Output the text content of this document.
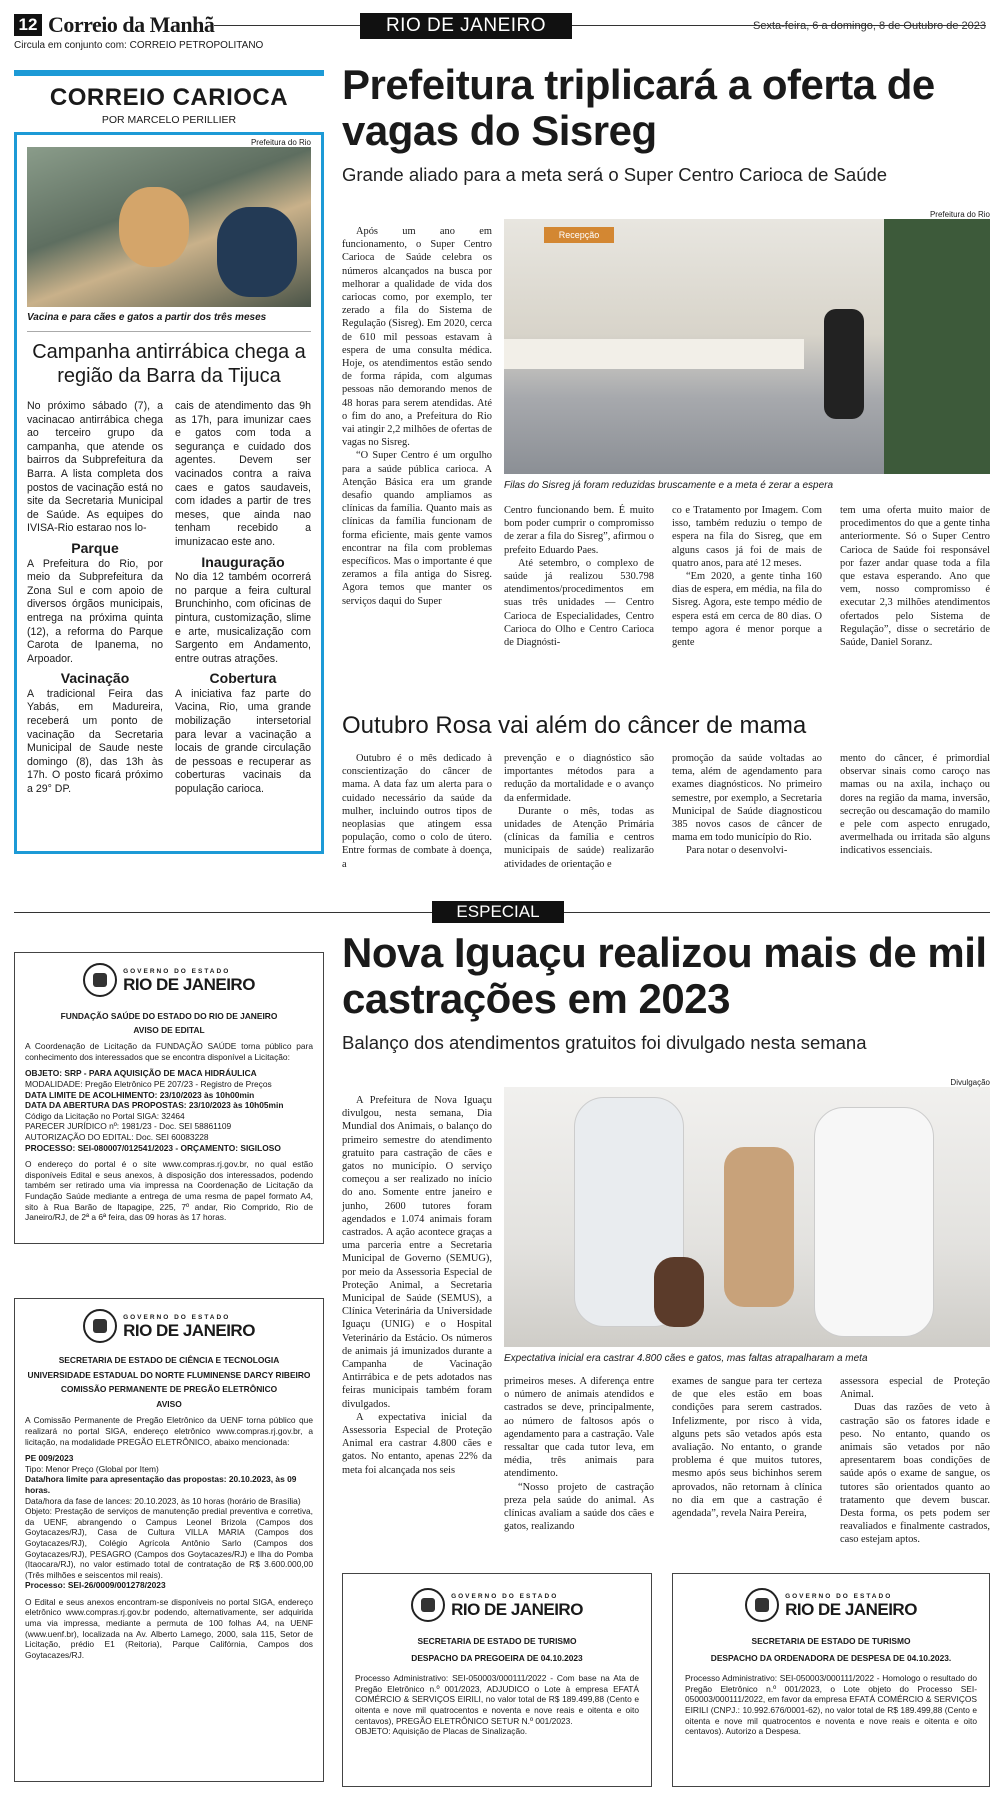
12 Correio da Manhã
Circula em conjunto com: CORREIO PETROPOLITANO
RIO DE JANEIRO	Sexta-feira, 6 a domingo, 8 de Outubro de 2023
CORREIO CARIOCA
POR MARCELO PERILLIER
Prefeitura do Rio
Vacina e para cães e gatos a partir dos três meses
Campanha antirrábica chega a região da Barra da Tijuca
No próximo sábado (7), a vacinacao antirrábica chega ao terceiro grupo da campanha, que atende os bairros da Subprefeitura da Barra. A lista completa dos postos de vacinação está no site da Secretaria Municipal de Saúde. As equipes do IVISA-Rio estarao nos lo-
Parque
A Prefeitura do Rio, por meio da Subprefeitura da Zona Sul e com apoio de diversos órgãos municipais, entrega na próxima quinta (12), a reforma do Parque Carota de Ipanema, no Arpoador.
Vacinação
A tradicional Feira das Yabás, em Madureira, receberá um ponto de vacinação da Secretaria Municipal de Saude neste domingo (8), das 13h às 17h. O posto ficará próximo a 29° DP.
cais de atendimento das 9h as 17h, para imunizar caes e gatos com toda a segurança e cuidado dos agentes. Devem ser vacinados contra a raiva caes e gatos saudaveis, com idades a partir de tres meses, que ainda nao tenham recebido a imunizacao este ano.
Inauguração
No dia 12 também ocorrerá no parque a feira cultural Brunchinho, com oficinas de pintura, customização, slime e arte, musicalização com Sargento em Andamento, entre outras atrações.
Cobertura
A iniciativa faz parte do Vacina, Rio, uma grande mobilização intersetorial para levar a vacinação a locais de grande circulação de pessoas e recuperar as coberturas vacinais da população carioca.
Prefeitura triplicará a oferta de vagas do Sisreg
Grande aliado para a meta será o Super Centro Carioca de Saúde

Após um ano em funcionamento, o Super Centro Carioca de Saúde celebra os números alcançados na busca por melhorar a qualidade de vida dos cariocas como, por exemplo, ter zerado a fila do Sistema de Regulação (Sisreg). Em 2020, cerca de 610 mil pessoas estavam à espera de uma consulta médica. Hoje, os atendimentos estão sendo de forma rápida, com algumas pessoas não demorando menos de 48 horas para serem atendidas. Até o fim do ano, a Prefeitura do Rio vai atingir 2,2 milhões de ofertas de vagas no Sisreg.

“O Super Centro é um orgulho para a saúde pública carioca. A Atenção Básica era um grande desafio quando ampliamos as clínicas da família. Quanto mais as clínicas da família funcionam de forma eficiente, mais gente vamos encontrar na fila com problemas específicos. Mas o importante é que zeramos a fila antiga do Sisreg. Agora temos que manter os serviços daqui do Super

Prefeitura do Rio
Recepção
Filas do Sisreg já foram reduzidas bruscamente e a meta é zerar a espera

Centro funcionando bem. É muito bom poder cumprir o compromisso de zerar a fila do Sisreg”, afirmou o prefeito Eduardo Paes.

Até setembro, o complexo de saúde já realizou 530.798 atendimentos/procedimentos em suas três unidades — Centro Carioca de Especialidades, Centro Carioca do Olho e Centro Carioca de Diagnósti-

co e Tratamento por Imagem. Com isso, também reduziu o tempo de espera na fila do Sisreg, que em alguns casos já foi de mais de quatro anos, para até 12 meses.

“Em 2020, a gente tinha 160 dias de espera, em média, na fila do Sisreg. Agora, este tempo médio de espera está em cerca de 80 dias. O tempo agora é menor porque a gente

tem uma oferta muito maior de procedimentos do que a gente tinha anteriormente. Só o Super Centro Carioca de Saúde foi responsável por fazer andar quase toda a fila que estava esperando. Ano que vem, nosso compromisso é executar 2,3 milhões atendimentos ofertados pelo Sistema de Regulação”, disse o secretário de Saúde, Daniel Soranz.

Outubro Rosa vai além do câncer de mama

Outubro é o mês dedicado à conscientização do câncer de mama. A data faz um alerta para o cuidado necessário da saúde da mulher, incluindo outros tipos de neoplasias que atingem essa população, como o colo de útero. Entre formas de combate à doença, a

prevenção e o diagnóstico são importantes métodos para a redução da mortalidade e o avanço da enfermidade.

Durante o mês, todas as unidades de Atenção Primária (clínicas da família e centros municipais de saúde) realizarão atividades de orientação e

promoção da saúde voltadas ao tema, além de agendamento para exames diagnósticos. No primeiro semestre, por exemplo, a Secretaria Municipal de Saúde diagnosticou 385 novos casos de câncer de mama em todo município do Rio.

Para notar o desenvolvi-

mento do câncer, é primordial observar sinais como caroço nas mamas ou na axila, inchaço ou dores na região da mama, inversão, secreção ou descamação do mamilo e pele com aspecto enrugado, avermelhada ou irritada são alguns indicativos essenciais.

ESPECIAL
GOVERNO DO ESTADO
RIO DE JANEIRO
FUNDAÇÃO SAÚDE DO ESTADO DO RIO DE JANEIRO
AVISO DE EDITAL
A Coordenação de Licitação da FUNDAÇÃO SAÚDE torna público para conhecimento dos interessados que se encontra disponível a Licitação:
OBJETO: SRP - PARA AQUISIÇÃO DE MACA HIDRÁULICA
MODALIDADE: Pregão Eletrônico PE 207/23 - Registro de Preços
DATA LIMITE DE ACOLHIMENTO: 23/10/2023 às 10h00min
DATA DA ABERTURA DAS PROPOSTAS: 23/10/2023 às 10h05min
Código da Licitação no Portal SIGA: 32464
PARECER JURÍDICO nº: 1981/23 - Doc. SEI 58861109
AUTORIZAÇÃO DO EDITAL: Doc. SEI 60083228
PROCESSO: SEI-080007/012541/2023 - ORÇAMENTO: SIGILOSO
O endereço do portal é o site www.compras.rj.gov.br, no qual estão disponíveis Edital e seus anexos, à disposição dos interessados, podendo também ser retirado uma via impressa na Coordenação de Licitação da Fundação Saúde mediante a entrega de uma resma de papel formato A4, sito à Rua Barão de Itapagipe, 225, 7º andar, Rio Comprido, Rio de Janeiro/RJ, de 2ª a 6ª feira, das 09 horas às 17 horas.
GOVERNO DO ESTADO
RIO DE JANEIRO
SECRETARIA DE ESTADO DE CIÊNCIA E TECNOLOGIA
UNIVERSIDADE ESTADUAL DO NORTE FLUMINENSE DARCY RIBEIRO
COMISSÃO PERMANENTE DE PREGÃO ELETRÔNICO
AVISO
A Comissão Permanente de Pregão Eletrônico da UENF torna público que realizará no portal SIGA, endereço eletrônico www.compras.rj.gov.br, a licitação, na modalidade PREGÃO ELETRÔNICO, abaixo mencionada:
PE 009/2023
Tipo: Menor Preço (Global por Item)
Data/hora limite para apresentação das propostas: 20.10.2023, às 09 horas.
Data/hora da fase de lances: 20.10.2023, às 10 horas (horário de Brasília)
Objeto: Prestação de serviços de manutenção predial preventiva e corretiva, da UENF, abrangendo o Campus Leonel Brizola (Campos dos Goytacazes/RJ), Casa de Cultura VILLA MARIA (Campos dos Goytacazes/RJ), Colégio Agrícola Antônio Sarlo (Campos dos Goytacazes/RJ), PESAGRO (Campos dos Goytacazes/RJ) e Ilha do Pomba (Itaocara/RJ), no valor estimado total de contratação de R$ 3.600.000,00 (Três milhões e seiscentos mil reais).
Processo: SEI-26/0009/001278/2023
O Edital e seus anexos encontram-se disponíveis no portal SIGA, endereço eletrônico www.compras.rj.gov.br podendo, alternativamente, ser adquirida uma via impressa, mediante a permuta de 100 folhas A4, na UENF (www.uenf.br), localizada na Av. Alberto Lamego, 2000, sala 115, Setor de Licitação, prédio E1 (Reitoria), Parque Califórnia, Campos dos Goytacazes/RJ.
Nova Iguaçu realizou mais de mil castrações em 2023
Balanço dos atendimentos gratuitos foi divulgado nesta semana

A Prefeitura de Nova Iguaçu divulgou, nesta semana, Dia Mundial dos Animais, o balanço do primeiro semestre do atendimento gratuito para castração de cães e gatos no município. O serviço começou a ser realizado no início do ano. Somente entre janeiro e junho, 2600 tutores foram agendados e 1.074 animais foram castrados. A ação acontece graças a uma parceria entre a Secretaria Municipal de Governo (SEMUG), por meio da Assessoria Especial de Proteção Animal, a Secretaria Municipal de Saúde (SEMUS), a Clínica Veterinária da Universidade Iguaçu (UNIG) e o Hospital Veterinário da Estácio. Os números de animais já imunizados durante a Campanha de Vacinação Antirrábica e de pets adotados nas feiras municipais também foram divulgados.

A expectativa inicial da Assessoria Especial de Proteção Animal era castrar 4.800 cães e gatos. No entanto, apenas 22% da meta foi alcançada nos seis

Divulgação
Expectativa inicial era castrar 4.800 cães e gatos, mas faltas atrapalharam a meta

primeiros meses. A diferença entre o número de animais atendidos e castrados se deve, principalmente, ao número de faltosos após o agendamento para a castração. Vale ressaltar que cada tutor leva, em média, três animais para atendimento.

“Nosso projeto de castração preza pela saúde do animal. As clínicas avaliam a saúde dos cães e gatos, realizando

exames de sangue para ter certeza de que eles estão em boas condições para serem castrados. Infelizmente, por risco à vida, alguns pets são vetados após esta avaliação. No entanto, o grande problema é que muitos tutores, mesmo após seus bichinhos serem aprovados, não retornam à clínica no dia em que a castração é agendada”, revela Naira Pereira,

assessora especial de Proteção Animal.

Duas das razões de veto à castração são os fatores idade e peso. No entanto, quando os animais são vetados por não apresentarem boas condições de saúde após o exame de sangue, os tutores são orientados quanto ao tratamento que devem buscar. Desta forma, os pets podem ser reavaliados e finalmente castrados, caso estejam aptos.

GOVERNO DO ESTADO
RIO DE JANEIRO
SECRETARIA DE ESTADO DE TURISMO
DESPACHO DA PREGOEIRA DE 04.10.2023
Processo Administrativo: SEI-050003/000111/2022 - Com base na Ata de Pregão Eletrônico n.º 001/2023, ADJUDICO o Lote à empresa EFATÁ COMÉRCIO & SERVIÇOS EIRILI, no valor total de R$ 189.499,88 (Cento e oitenta e nove mil quatrocentos e noventa e nove reais e oitenta e oito centavos), PREGÃO ELETRÔNICO SETUR N.º 001/2023.
OBJETO: Aquisição de Placas de Sinalização.
GOVERNO DO ESTADO
RIO DE JANEIRO
SECRETARIA DE ESTADO DE TURISMO
DESPACHO DA ORDENADORA DE DESPESA DE 04.10.2023.
Processo Administrativo: SEI-050003/000111/2022 - Homologo o resultado do Pregão Eletrônico n.º 001/2023, o Lote objeto do Processo SEI-050003/000111/2022, em favor da empresa EFATÁ COMÉRCIO & SERVIÇOS EIRILI (CNPJ.: 10.992.676/0001-62), no valor total de R$ 189.499,88 (Cento e oitenta e nove mil quatrocentos e noventa e nove reais e oitenta e oito centavos). Autorizo a Despesa.
